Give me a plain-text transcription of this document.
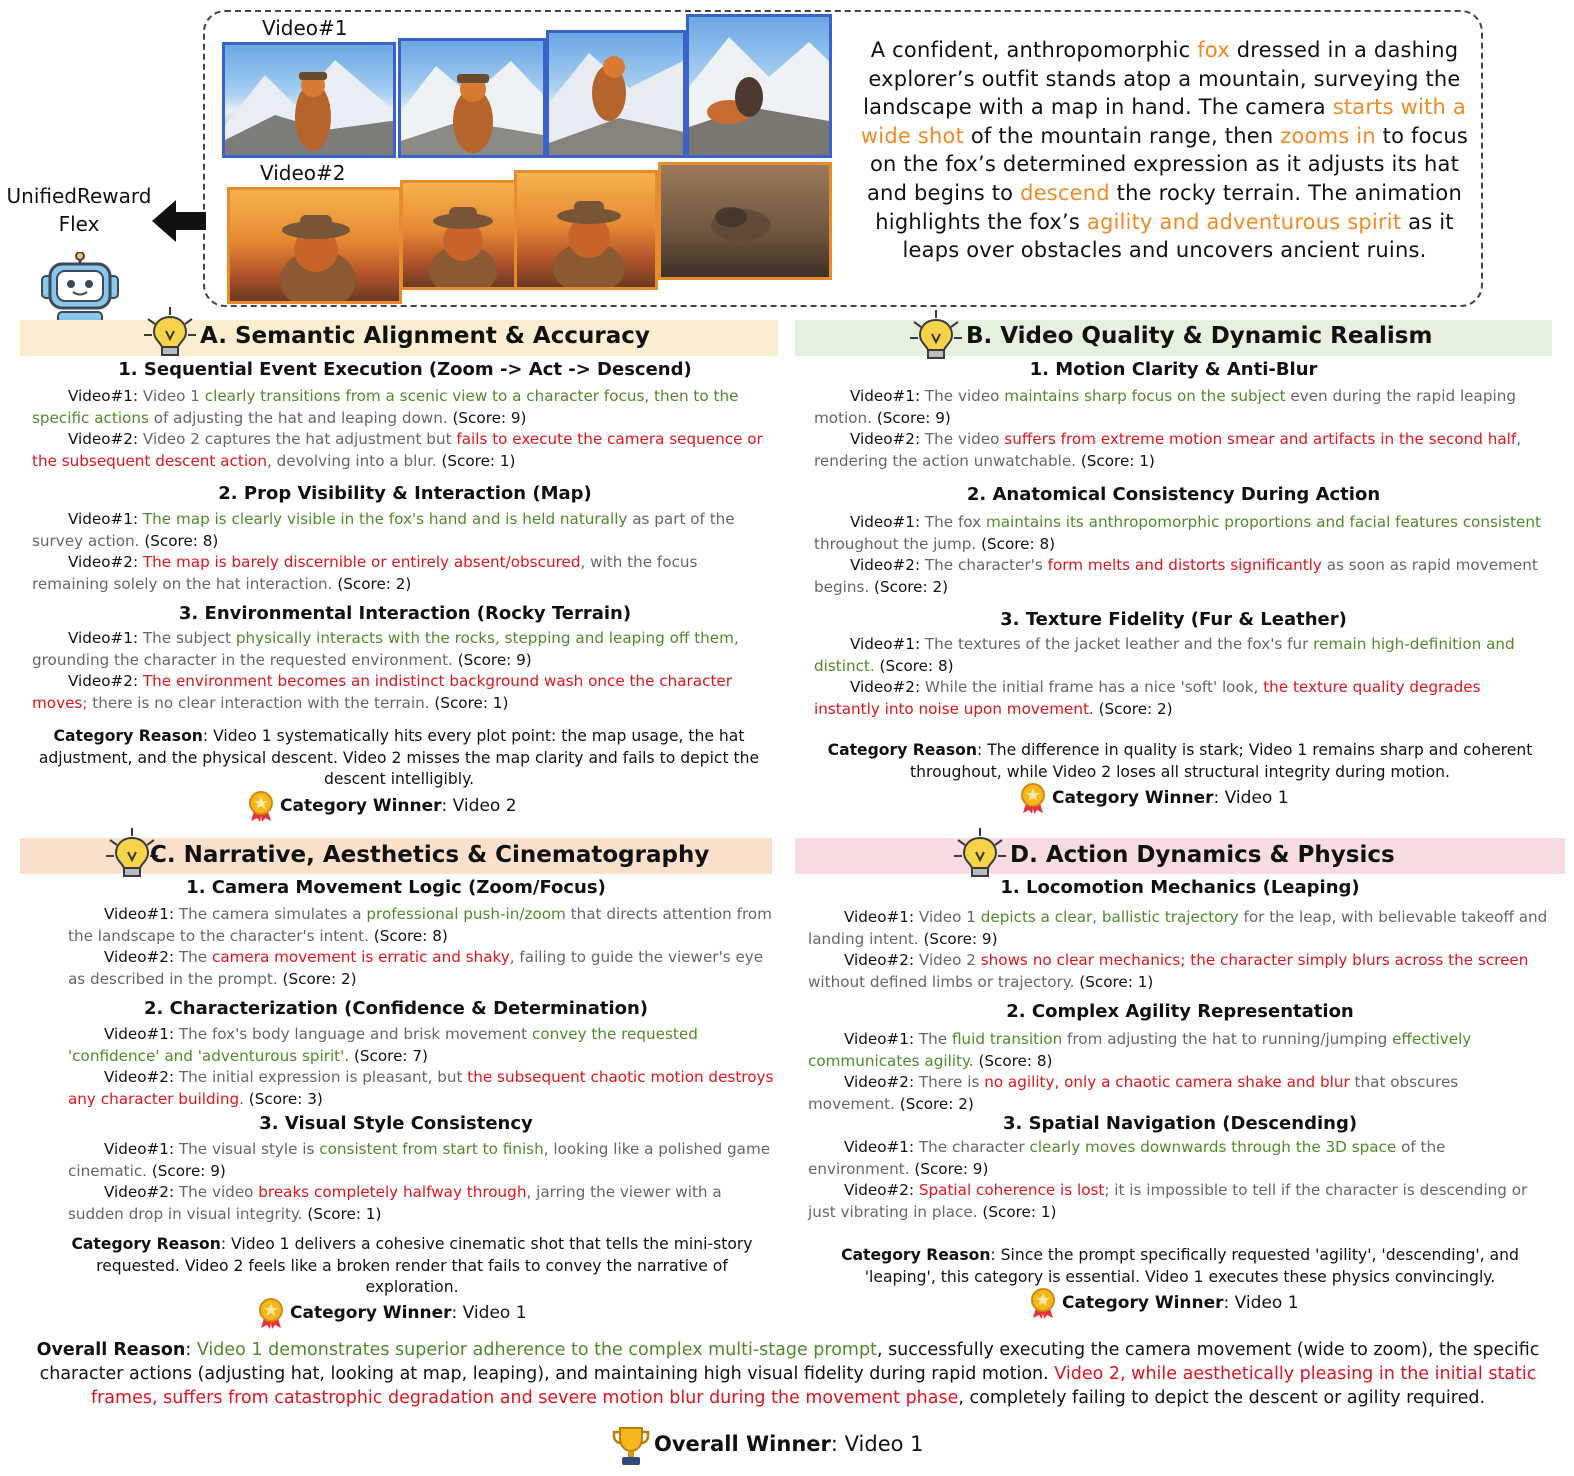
Video#1
Video#2
A confident, anthropomorphic fox dressed in a dashing explorer’s outfit stands atop a mountain, surveying the landscape with a map in hand. The camera starts with a wide shot of the mountain range, then zooms in to focus on the fox’s determined expression as it adjusts its hat and begins to descend the rocky terrain. The animation highlights the fox’s agility and adventurous spirit as it leaps over obstacles and uncovers ancient ruins.
UnifiedReward
Flex
A. Semantic Alignment & Accuracy	B. Video Quality & Dynamic Realism
C. Narrative, Aesthetics & Cinematography	D. Action Dynamics & Physics
1. Sequential Event Execution (Zoom -> Act -> Descend)
Video#1: Video 1 clearly transitions from a scenic view to a character focus, then to the specific actions of adjusting the hat and leaping down. (Score: 9)
Video#2: Video 2 captures the hat adjustment but fails to execute the camera sequence or the subsequent descent action, devolving into a blur. (Score: 1)
2. Prop Visibility & Interaction (Map)
Video#1: The map is clearly visible in the fox's hand and is held naturally as part of the survey action. (Score: 8)
Video#2: The map is barely discernible or entirely absent/obscured, with the focus remaining solely on the hat interaction. (Score: 2)
3. Environmental Interaction (Rocky Terrain)
Video#1: The subject physically interacts with the rocks, stepping and leaping off them, grounding the character in the requested environment. (Score: 9)
Video#2: The environment becomes an indistinct background wash once the character moves; there is no clear interaction with the terrain. (Score: 1)
Category Reason: Video 1 systematically hits every plot point: the map usage, the hat adjustment, and the physical descent. Video 2 misses the map clarity and fails to depict the descent intelligibly.
Category Winner: Video 2
1. Motion Clarity & Anti-Blur
Video#1: The video maintains sharp focus on the subject even during the rapid leaping motion. (Score: 9)
Video#2: The video suffers from extreme motion smear and artifacts in the second half, rendering the action unwatchable. (Score: 1)
2. Anatomical Consistency During Action
Video#1: The fox maintains its anthropomorphic proportions and facial features consistent throughout the jump. (Score: 8)
Video#2: The character's form melts and distorts significantly as soon as rapid movement begins. (Score: 2)
3. Texture Fidelity (Fur & Leather)
Video#1: The textures of the jacket leather and the fox's fur remain high-definition and distinct. (Score: 8)
Video#2: While the initial frame has a nice 'soft' look, the texture quality degrades instantly into noise upon movement. (Score: 2)
Category Reason: The difference in quality is stark; Video 1 remains sharp and coherent throughout, while Video 2 loses all structural integrity during motion.
Category Winner: Video 1
1. Camera Movement Logic (Zoom/Focus)
Video#1: The camera simulates a professional push-in/zoom that directs attention from the landscape to the character's intent. (Score: 8)
Video#2: The camera movement is erratic and shaky, failing to guide the viewer's eye as described in the prompt. (Score: 2)
2. Characterization (Confidence & Determination)
Video#1: The fox's body language and brisk movement convey the requested 'confidence' and 'adventurous spirit'. (Score: 7)
Video#2: The initial expression is pleasant, but the subsequent chaotic motion destroys any character building. (Score: 3)
3. Visual Style Consistency
Video#1: The visual style is consistent from start to finish, looking like a polished game cinematic. (Score: 9)
Video#2: The video breaks completely halfway through, jarring the viewer with a sudden drop in visual integrity. (Score: 1)
Category Reason: Video 1 delivers a cohesive cinematic shot that tells the mini-story requested. Video 2 feels like a broken render that fails to convey the narrative of exploration.
Category Winner: Video 1
1. Locomotion Mechanics (Leaping)
Video#1: Video 1 depicts a clear, ballistic trajectory for the leap, with believable takeoff and landing intent. (Score: 9)
Video#2: Video 2 shows no clear mechanics; the character simply blurs across the screen without defined limbs or trajectory. (Score: 1)
2. Complex Agility Representation
Video#1: The fluid transition from adjusting the hat to running/jumping effectively communicates agility. (Score: 8)
Video#2: There is no agility, only a chaotic camera shake and blur that obscures movement. (Score: 2)
3. Spatial Navigation (Descending)
Video#1: The character clearly moves downwards through the 3D space of the environment. (Score: 9)
Video#2: Spatial coherence is lost; it is impossible to tell if the character is descending or just vibrating in place. (Score: 1)
Category Reason: Since the prompt specifically requested 'agility', 'descending', and 'leaping', this category is essential. Video 1 executes these physics convincingly.
Category Winner: Video 1
Overall Reason: Video 1 demonstrates superior adherence to the complex multi-stage prompt, successfully executing the camera movement (wide to zoom), the specific character actions (adjusting hat, looking at map, leaping), and maintaining high visual fidelity during rapid motion. Video 2, while aesthetically pleasing in the initial static frames, suffers from catastrophic degradation and severe motion blur during the movement phase, completely failing to depict the descent or agility required.
Overall Winner: Video 1
